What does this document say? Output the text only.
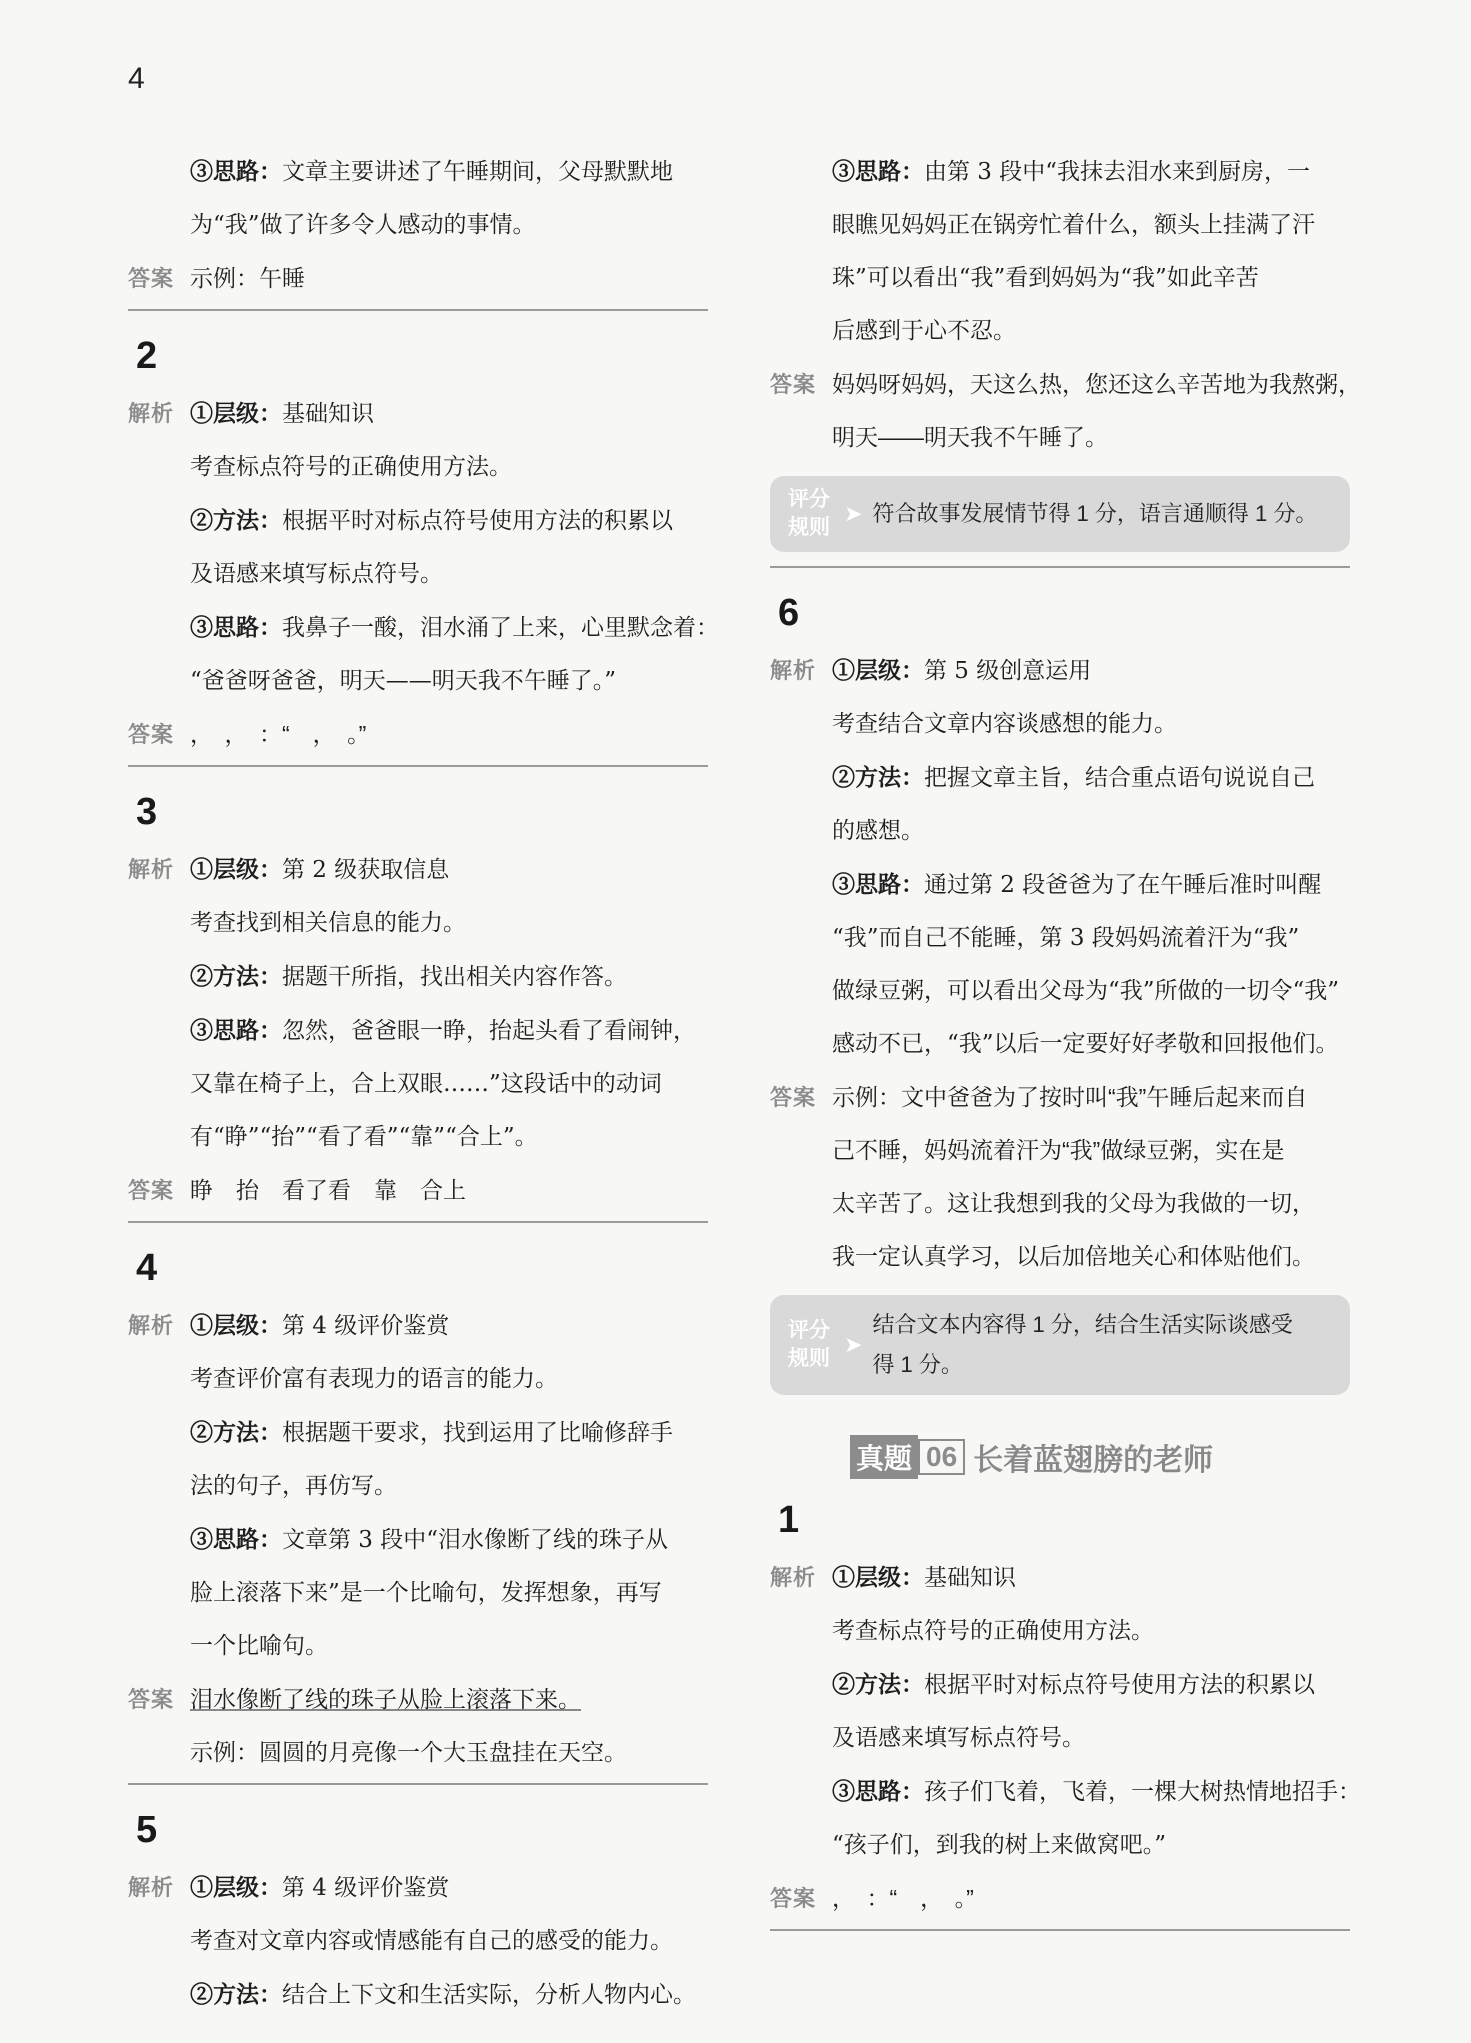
4
③思路：文章主要讲述了午睡期间，父母默默地
为“我”做了许多令人感动的事情。
答案 示例：午睡
2
解析 ①层级：基础知识
考查标点符号的正确使用方法。
②方法：根据平时对标点符号使用方法的积累以
及语感来填写标点符号。
③思路：我鼻子一酸，泪水涌了上来，心里默念着：
“爸爸呀爸爸，明天——明天我不午睡了。”
答案 ，　，　：“　，　。”
3
解析 ①层级：第 2 级获取信息
考查找到相关信息的能力。
②方法：据题干所指，找出相关内容作答。
③思路：忽然，爸爸眼一睁，抬起头看了看闹钟，
又靠在椅子上，合上双眼……”这段话中的动词
有“睁”“抬”“看了看”“靠”“合上”。
答案 睁　抬　看了看　靠　合上
4
解析 ①层级：第 4 级评价鉴赏
考查评价富有表现力的语言的能力。
②方法：根据题干要求，找到运用了比喻修辞手
法的句子，再仿写。
③思路：文章第 3 段中“泪水像断了线的珠子从
脸上滚落下来”是一个比喻句，发挥想象，再写
一个比喻句。
答案 泪水像断了线的珠子从脸上滚落下来。
示例：圆圆的月亮像一个大玉盘挂在天空。
5
解析 ①层级：第 4 级评价鉴赏
考查对文章内容或情感能有自己的感受的能力。
②方法：结合上下文和生活实际，分析人物内心。
③思路：由第 3 段中“我抹去泪水来到厨房，一
眼瞧见妈妈正在锅旁忙着什么，额头上挂满了汗
珠”可以看出“我”看到妈妈为“我”如此辛苦
后感到于心不忍。
答案 妈妈呀妈妈，天这么热，您还这么辛苦地为我熬粥，
明天——明天我不午睡了。
评分
规则
➤ 符合故事发展情节得 1 分，语言通顺得 1 分。
6
解析 ①层级：第 5 级创意运用
考查结合文章内容谈感想的能力。
②方法：把握文章主旨，结合重点语句说说自己
的感想。
③思路：通过第 2 段爸爸为了在午睡后准时叫醒
“我”而自己不能睡，第 3 段妈妈流着汗为“我”
做绿豆粥，可以看出父母为“我”所做的一切令“我”
感动不已，“我”以后一定要好好孝敬和回报他们。
答案 示例：文中爸爸为了按时叫“我”午睡后起来而自
己不睡，妈妈流着汗为“我”做绿豆粥，实在是
太辛苦了。这让我想到我的父母为我做的一切，
我一定认真学习，以后加倍地关心和体贴他们。
评分
规则
➤
结合文本内容得 1 分，结合生活实际谈感受
得 1 分。
真题 06 长着蓝翅膀的老师
1
解析 ①层级：基础知识
考查标点符号的正确使用方法。
②方法：根据平时对标点符号使用方法的积累以
及语感来填写标点符号。
③思路：孩子们飞着，飞着，一棵大树热情地招手：
“孩子们，到我的树上来做窝吧。”
答案 ，　：“　，　。”
